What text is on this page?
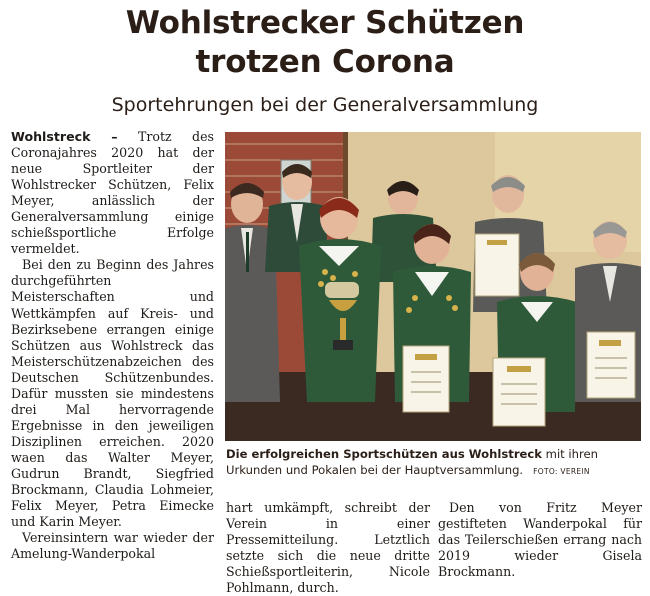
Wohlstrecker Schützen
trotzen Corona
Sportehrungen bei der Generalversammlung

Wohlstreck – Trotz des Coronajahres 2020 hat der neue Sportleiter der Wohlstrecker Schützen, Felix Meyer, anlässlich der Generalversammlung einige schießsportliche Erfolge vermeldet.

Bei den zu Beginn des Jahres durchgeführten Meisterschaften und Wettkämpfen auf Kreis- und Bezirksebene errangen einige Schützen aus Wohlstreck das Meisterschützenabzeichen des Deutschen Schützenbundes. Dafür mussten sie mindestens drei Mal hervorragende Ergebnisse in den jeweiligen Disziplinen erreichen. 2020 waen das Walter Meyer, Gudrun Brandt, Siegfried Brockmann, Claudia Lohmeier, Felix Meyer, Petra Eimecke und Karin Meyer.

Vereinsintern war wieder der Amelung-Wanderpokal

Die erfolgreichen Sportschützen aus Wohlstreck mit ihren Urkunden und Pokalen bei der Hauptversammlung. FOTO: VEREIN

hart umkämpft, schreibt der Verein in einer Pressemitteilung. Letztlich setzte sich die neue dritte Schießsportleiterin, Nicole Pohlmann, durch.

Den von Fritz Meyer gestifteten Wanderpokal für das Teilerschießen errang nach 2019 wieder Gisela Brockmann.
